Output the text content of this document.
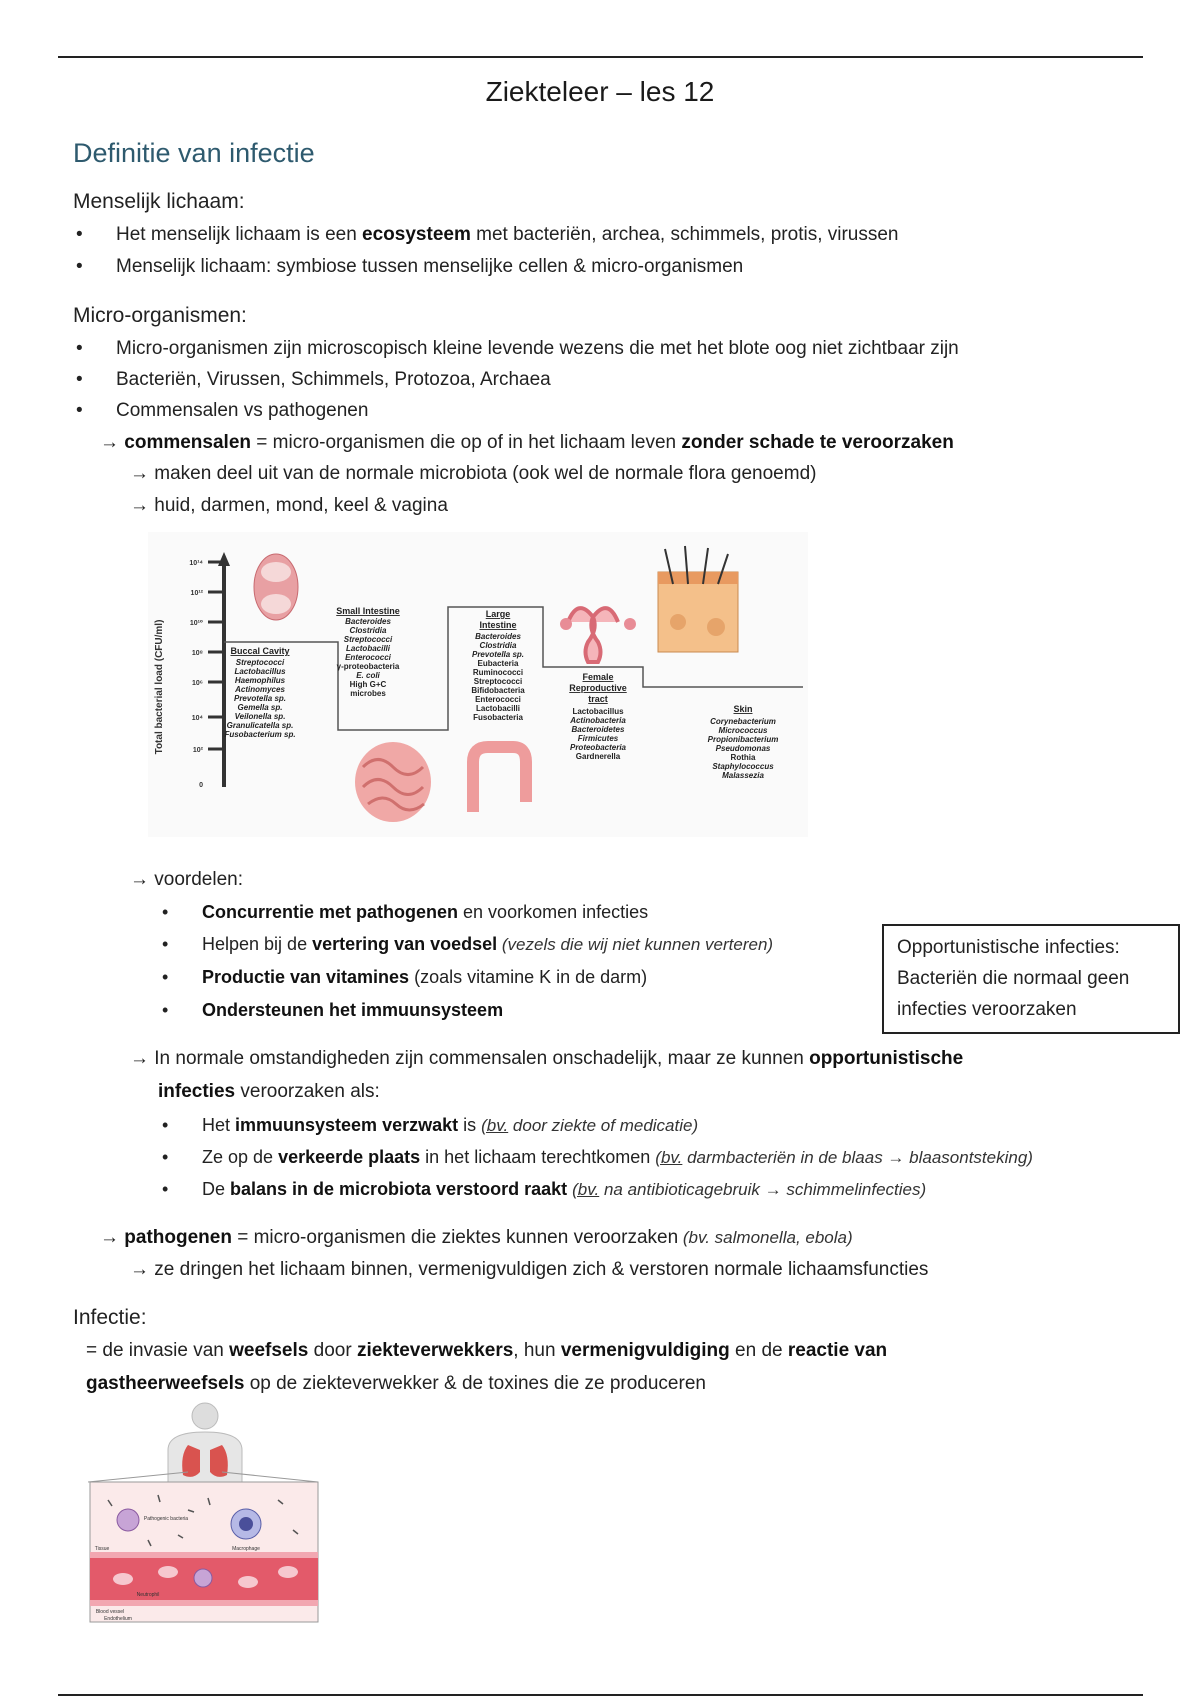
Ziekteleer – les 12
Definitie van infectie
Menselijk lichaam:
• Het menselijk lichaam is een ecosysteem met bacteriën, archea, schimmels, protis, virussen
• Menselijk lichaam: symbiose tussen menselijke cellen & micro-organismen
Micro-organismen:
• Micro-organismen zijn microscopisch kleine levende wezens die met het blote oog niet zichtbaar zijn
• Bacteriën, Virussen, Schimmels, Protozoa, Archaea
• Commensalen vs pathogenen
→ commensalen = micro-organismen die op of in het lichaam leven zonder schade te veroorzaken
→ maken deel uit van de normale microbiota (ook wel de normale flora genoemd)
→ huid, darmen, mond, keel & vagina
Total bacterial load (CFU/ml)
10¹⁴
10¹²
10¹⁰
10⁸
10⁶
10⁴
10²
0
Buccal Cavity
Streptococci
Lactobacillus
Haemophilus
Actinomyces
Prevotella sp.
Gemella sp.
Veilonella sp.
Granulicatella sp.
Fusobacterium sp.
Small Intestine
Bacteroides
Clostridia
Streptococci
Lactobacilli
Enterococci
γ-proteobacteria
E. coli
High G+C
microbes
Large
Intestine
Bacteroides
Clostridia
Prevotella sp.
Eubacteria
Ruminococci
Streptococci
Bifidobacteria
Enterococci
Lactobacilli
Fusobacteria
Female
Reproductive
tract
Lactobacillus
Actinobacteria
Bacteroidetes
Firmicutes
Proteobacteria
Gardnerella
Skin
Corynebacterium
Micrococcus
Propionibacterium
Pseudomonas
Rothia
Staphylococcus
Malassezia
→ voordelen:
• Concurrentie met pathogenen en voorkomen infecties
• Helpen bij de vertering van voedsel (vezels die wij niet kunnen verteren)
• Productie van vitamines (zoals vitamine K in de darm)
• Ondersteunen het immuunsysteem
Opportunistische infecties:
Bacteriën die normaal geen
infecties veroorzaken
→ In normale omstandigheden zijn commensalen onschadelijk, maar ze kunnen opportunistische
infecties veroorzaken als:
• Het immuunsysteem verzwakt is (bv. door ziekte of medicatie)
• Ze op de verkeerde plaats in het lichaam terechtkomen (bv. darmbacteriën in de blaas → blaasontsteking)
• De balans in de microbiota verstoord raakt (bv. na antibioticagebruik → schimmelinfecties)
→ pathogenen = micro-organismen die ziektes kunnen veroorzaken (bv. salmonella, ebola)
→ ze dringen het lichaam binnen, vermenigvuldigen zich & verstoren normale lichaamsfuncties
Infectie:
= de invasie van weefsels door ziekteverwekkers, hun vermenigvuldiging en de reactie van
gastheerweefsels op de ziekteverwekker & de toxines die ze produceren
Pathogenic bacteria
Macrophage
Neutrophil
Tissue
Blood vessel
Endothelium
